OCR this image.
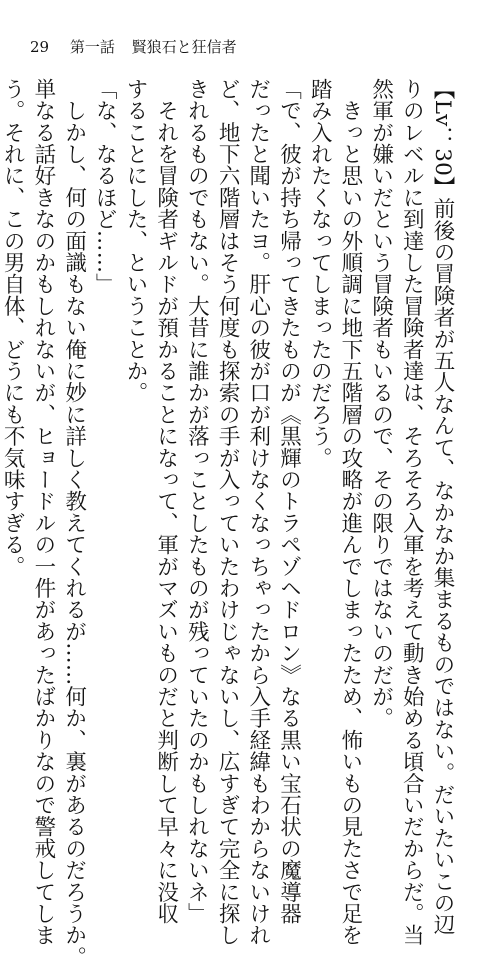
29 第一話 賢狼石と狂信者
【Lv：30】前後の冒険者が五人なんて、なかなか集まるものではない。だいたいこの辺
りのレベルに到達した冒険者達は、そろそろ入軍を考えて動き始める頃合いだからだ。当
然軍が嫌いだという冒険者もいるので、その限りではないのだが。
　きっと思いの外順調に地下五階層の攻略が進んでしまったため、怖いもの見たさで足を
踏み入れたくなってしまったのだろう。
「で、彼が持ち帰ってきたものが《黒輝のトラペゾヘドロン》なる黒い宝石状の魔導器
だったと聞いたヨ。肝心の彼が口が利けなくなっちゃったから入手経緯もわからないけれ
ど、地下六階層はそう何度も探索の手が入っていたわけじゃないし、広すぎて完全に探し
きれるものでもない。大昔に誰かが落っことしたものが残っていたのかもしれないネ」
　それを冒険者ギルドが預かることになって、軍がマズいものだと判断して早々に没収
することにした、ということか。
「な、なるほど……」
　しかし、何の面識もない俺に妙に詳しく教えてくれるが……何か、裏があるのだろうか。
単なる話好きなのかもしれないが、ヒョードルの一件があったばかりなので警戒してしま
う。それに、この男自体、どうにも不気味すぎる。
